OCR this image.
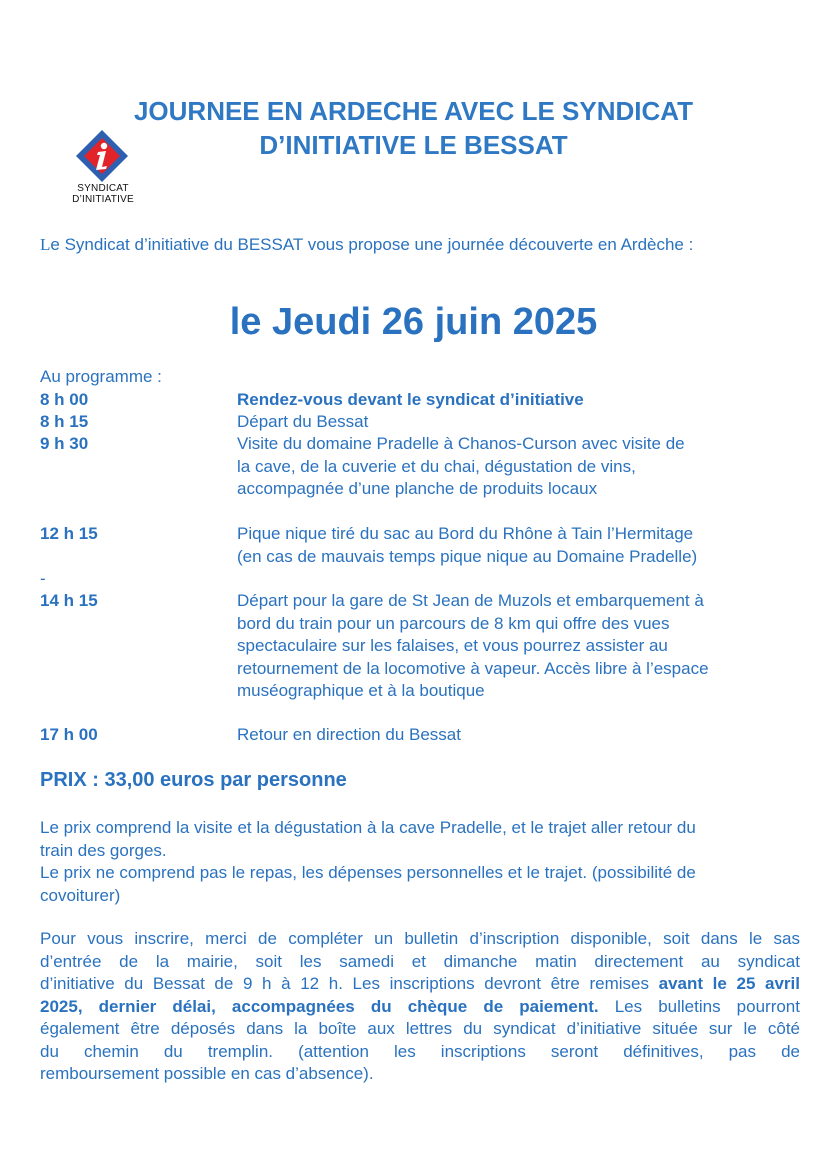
JOURNEE EN ARDECHE AVEC LE SYNDICAT
D’INITIATIVE LE BESSAT
SYNDICAT
D’INITIATIVE
Le Syndicat d’initiative du BESSAT vous propose une journée découverte en Ardèche :
le Jeudi 26 juin 2025
Au programme :
8 h 00	Rendez-vous devant le syndicat d’initiative
8 h 15	Départ du Bessat
9 h 30	Visite du domaine Pradelle à Chanos-Curson avec visite de
la cave, de la cuverie et du chai, dégustation de vins,
accompagnée d’une planche de produits locaux
12 h 15	Pique nique tiré du sac au Bord du Rhône à Tain l’Hermitage
(en cas de mauvais temps pique nique au Domaine Pradelle)
-
14 h 15	Départ pour la gare de St Jean de Muzols et embarquement à
bord du train pour un parcours de 8 km qui offre des vues
spectaculaire sur les falaises, et vous pourrez assister au
retournement de la locomotive à vapeur. Accès libre à l’espace
muséographique et à la boutique
17 h 00	Retour en direction du Bessat
PRIX : 33,00 euros par personne
Le prix comprend la visite et la dégustation à la cave Pradelle, et le trajet aller retour du
train des gorges.
Le prix ne comprend pas le repas, les dépenses personnelles et le trajet. (possibilité de
covoiturer)
Pour vous inscrire, merci de compléter un bulletin d’inscription disponible, soit dans le sas
d’entrée de la mairie, soit les samedi et dimanche matin directement au syndicat
d’initiative du Bessat de 9 h à 12 h. Les inscriptions devront être remises avant le 25 avril
2025, dernier délai, accompagnées du chèque de paiement. Les bulletins pourront
également être déposés dans la boîte aux lettres du syndicat d’initiative située sur le côté
du chemin du tremplin. (attention les inscriptions seront définitives, pas de
remboursement possible en cas d’absence).
